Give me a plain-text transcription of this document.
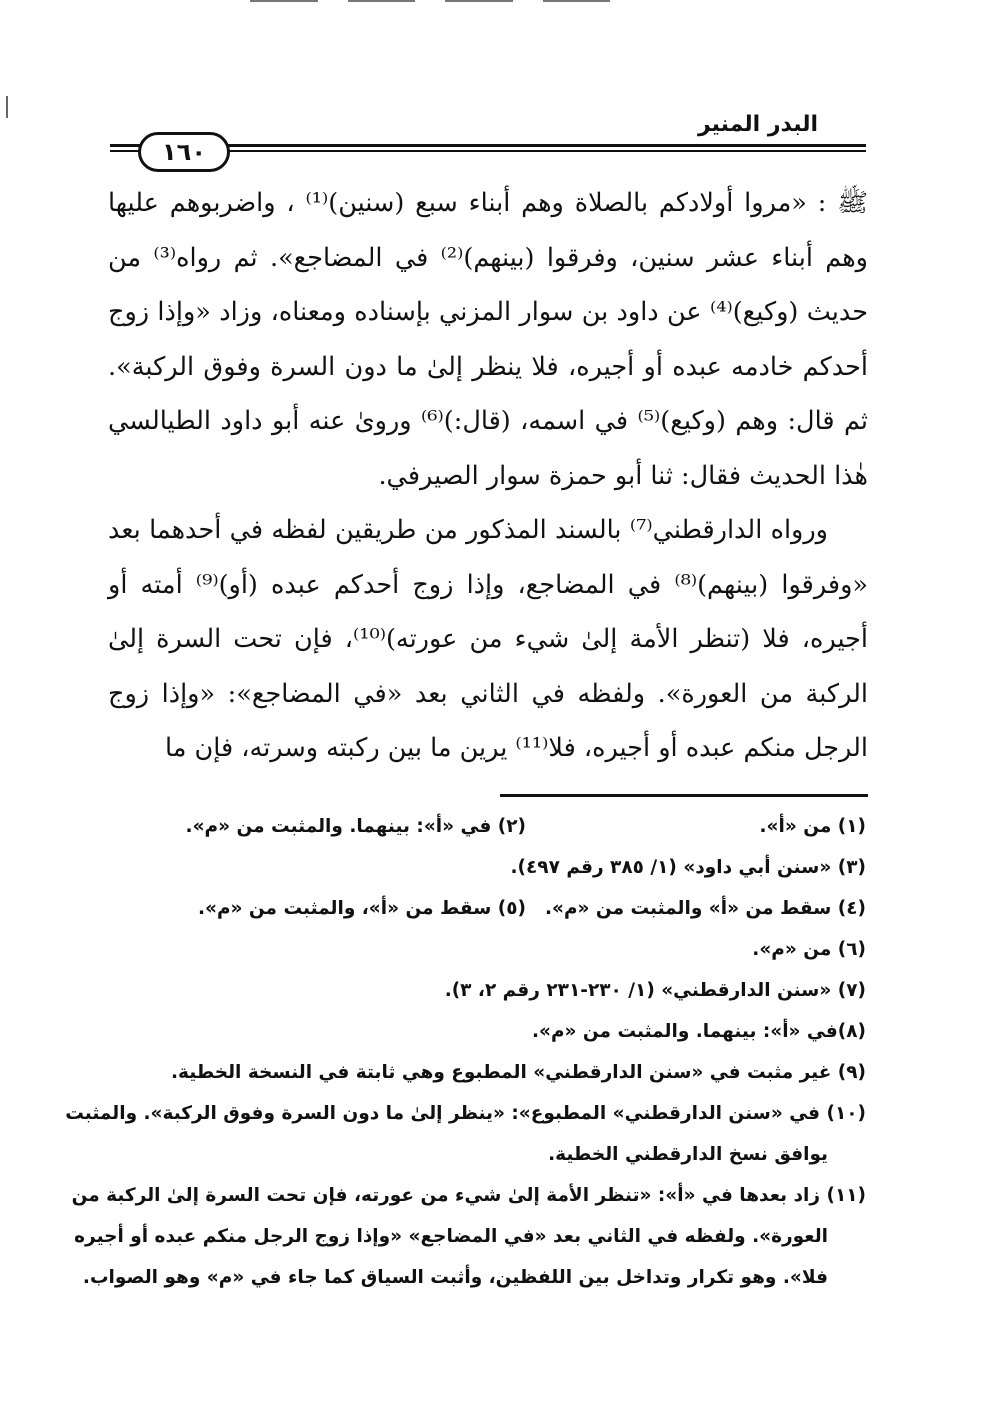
البدر المنير
١٦٠

ﷺ : «مروا أولادكم بالصلاة وهم أبناء سبع (سنين)⁽¹⁾ ، واضربوهم عليها وهم أبناء عشر سنين، وفرقوا (بينهم)⁽²⁾ في المضاجع». ثم رواه⁽³⁾ من حديث (وكيع)⁽⁴⁾ عن داود بن سوار المزني بإسناده ومعناه، وزاد «وإذا زوج أحدكم خادمه عبده أو أجيره، فلا ينظر إلىٰ ما دون السرة وفوق الركبة». ثم قال: وهم (وكيع)⁽⁵⁾ في اسمه، (قال:)⁽⁶⁾ ورویٰ عنه أبو داود الطيالسي هٰذا الحديث فقال: ثنا أبو حمزة سوار الصيرفي.

ورواه الدارقطني⁽⁷⁾ بالسند المذكور من طريقين لفظه في أحدهما بعد «وفرقوا (بينهم)⁽⁸⁾ في المضاجع، وإذا زوج أحدكم عبده (أو)⁽⁹⁾ أمته أو أجيره، فلا (تنظر الأمة إلىٰ شيء من عورته)⁽¹⁰⁾، فإن تحت السرة إلىٰ الركبة من العورة». ولفظه في الثاني بعد «في المضاجع»: «وإذا زوج الرجل منكم عبده أو أجيره، فلا⁽¹¹⁾ يرين ما بين ركبته وسرته، فإن ما

(١) من «أ».
(٢) في «أ»: بينهما. والمثبت من «م».
(٣) «سنن أبي داود» (١/ ٣٨٥ رقم ٤٩٧).
(٤) سقط من «أ» والمثبت من «م».
(٥) سقط من «أ»، والمثبت من «م».
(٦) من «م».
(٧) «سنن الدارقطني» (١/ ٢٣٠-٢٣١ رقم ٢، ٣).
(٨)في «أ»: بينهما. والمثبت من «م».
(٩) غير مثبت في «سنن الدارقطني» المطبوع وهي ثابتة في النسخة الخطية.
(١٠) في «سنن الدارقطني» المطبوع»: «ينظر إلىٰ ما دون السرة وفوق الركبة». والمثبت
يوافق نسخ الدارقطني الخطية.
(١١) زاد بعدها في «أ»: «تنظر الأمة إلىٰ شيء من عورته، فإن تحت السرة إلىٰ الركبة من
العورة». ولفظه في الثاني بعد «في المضاجع» «وإذا زوج الرجل منكم عبده أو أجيره
فلا». وهو تكرار وتداخل بين اللفظين، وأثبت السياق كما جاء في «م» وهو الصواب.
